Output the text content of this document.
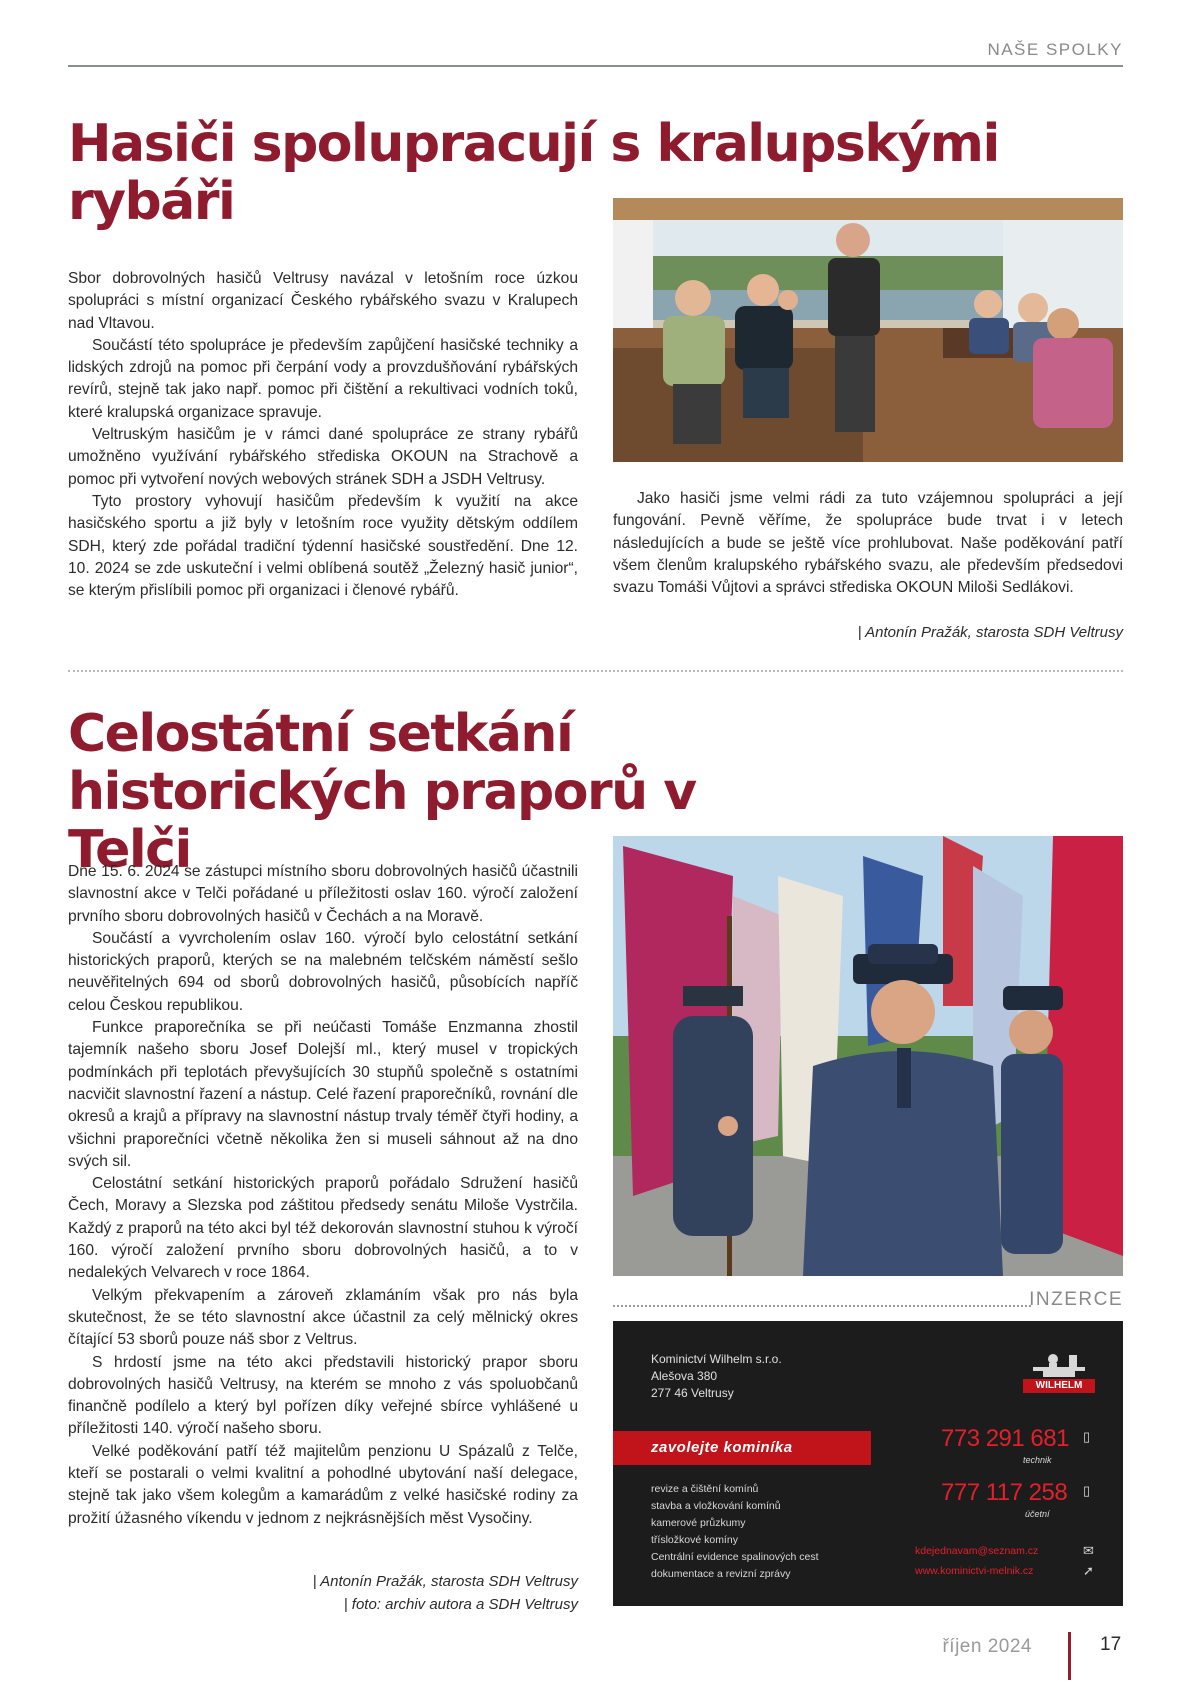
NAŠE SPOLKY
Hasiči spolupracují s kralupskými rybáři

Sbor dobrovolných hasičů Veltrusy navázal v letošním roce úzkou spolupráci s místní organizací Českého rybářského svazu v Kralupech nad Vltavou.

Součástí této spolupráce je především zapůjčení hasičské techniky a lidských zdrojů na pomoc při čerpání vody a provzdušňování rybářských revírů, stejně tak jako např. pomoc při čištění a rekultivaci vodních toků, které kralupská organizace spravuje.

Veltruským hasičům je v rámci dané spolupráce ze strany rybářů umožněno využívání rybářského střediska OKOUN na Strachově a pomoc při vytvoření nových webových stránek SDH a JSDH Veltrusy.

Tyto prostory vyhovují hasičům především k využití na akce hasičského sportu a již byly v letošním roce využity dětským oddílem SDH, který zde pořádal tradiční týdenní hasičské soustředění. Dne 12. 10. 2024 se zde uskuteční i velmi oblíbená soutěž „Železný hasič junior“, se kterým přislíbili pomoc při organizaci i členové rybářů.

Jako hasiči jsme velmi rádi za tuto vzájemnou spolupráci a její fungování. Pevně věříme, že spolupráce bude trvat i v letech následujících a bude se ještě více prohlubovat. Naše poděkování patří všem členům kralupského rybářského svazu, ale především předsedovi svazu Tomáši Vůjtovi a správci střediska OKOUN Miloši Sedlákovi.

| Antonín Pražák, starosta SDH Veltrusy
Celostátní setkání historických praporů v Telči

Dne 15. 6. 2024 se zástupci místního sboru dobrovolných hasičů účastnili slavnostní akce v Telči pořádané u příležitosti oslav 160. výročí založení prvního sboru dobrovolných hasičů v Čechách a na Moravě.

Součástí a vyvrcholením oslav 160. výročí bylo celostátní setkání historických praporů, kterých se na malebném telčském náměstí sešlo neuvěřitelných 694 od sborů dobrovolných hasičů, působících napříč celou Českou republikou.

Funkce praporečníka se při neúčasti Tomáše Enzmanna zhostil tajemník našeho sboru Josef Dolejší ml., který musel v tropických podmínkách při teplotách převyšujících 30 stupňů společně s ostatními nacvičit slavnostní řazení a nástup. Celé řazení praporečníků, rovnání dle okresů a krajů a přípravy na slavnostní nástup trvaly téměř čtyři hodiny, a všichni praporečníci včetně několika žen si museli sáhnout až na dno svých sil.

Celostátní setkání historických praporů pořádalo Sdružení hasičů Čech, Moravy a Slezska pod záštitou předsedy senátu Miloše Vystrčila. Každý z praporů na této akci byl též dekorován slavnostní stuhou k výročí 160. výročí založení prvního sboru dobrovolných hasičů, a to v nedalekých Velvarech v roce 1864.

Velkým překvapením a zároveň zklamáním však pro nás byla skutečnost, že se této slavnostní akce účastnil za celý mělnický okres čítající 53 sborů pouze náš sbor z Veltrus.

S hrdostí jsme na této akci představili historický prapor sboru dobrovolných hasičů Veltrusy, na kterém se mnoho z vás spoluobčanů finančně podílelo a který byl pořízen díky veřejné sbírce vyhlášené u příležitosti 140. výročí našeho sboru.

Velké poděkování patří též majitelům penzionu U Spázalů z Telče, kteří se postarali o velmi kvalitní a pohodlné ubytování naší delegace, stejně tak jako všem kolegům a kamarádům z velké hasičské rodiny za prožití úžasného víkendu v jednom z nejkrásnějších měst Vysočiny.

| Antonín Pražák, starosta SDH Veltrusy
| foto: archiv autora a SDH Veltrusy
INZERCE
Kominictví Wilhelm s.r.o.
Alešova 380
277 46 Veltrusy
WILHELM
zavolejte kominíka
revize a čištění komínů
stavba a vložkování komínů
kamerové průzkumy
třísložkové komíny
Centrální evidence spalinových cest
dokumentace a revizní zprávy
773 291 681 ▯
technik
777 117 258 ▯
účetní
kdejednavam@seznam.cz	✉
www.kominictvi-melnik.cz	➚
říjen 2024	17
